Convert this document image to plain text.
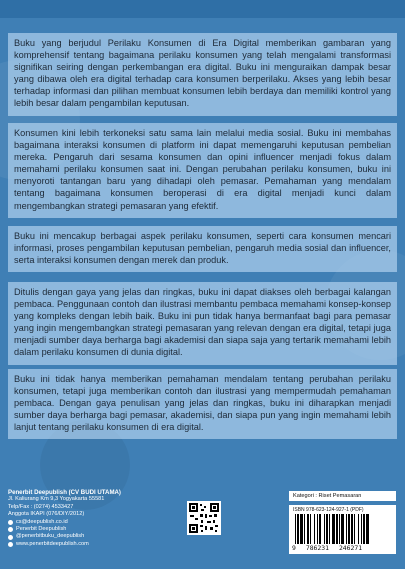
Buku yang berjudul Perilaku Konsumen di Era Digital memberikan gambaran yang komprehensif tentang bagaimana perilaku konsumen yang telah mengalami transformasi signifikan seiring dengan perkembangan era digital. Buku ini menguraikan dampak besar yang dibawa oleh era digital terhadap cara konsumen berperilaku. Akses yang lebih besar terhadap informasi dan pilihan membuat konsumen lebih berdaya dan memiliki kontrol yang lebih besar dalam pengambilan keputusan.

Konsumen kini lebih terkoneksi satu sama lain melalui media sosial. Buku ini membahas bagaimana interaksi konsumen di platform ini dapat memengaruhi keputusan pembelian mereka. Pengaruh dari sesama konsumen dan opini influencer menjadi fokus dalam memahami perilaku konsumen saat ini. Dengan perubahan perilaku konsumen, buku ini menyoroti tantangan baru yang dihadapi oleh pemasar. Pemahaman yang mendalam tentang bagaimana konsumen beroperasi di era digital menjadi kunci dalam mengembangkan strategi pemasaran yang efektif.

Buku ini mencakup berbagai aspek perilaku konsumen, seperti cara konsumen mencari informasi, proses pengambilan keputusan pembelian, pengaruh media sosial dan influencer, serta interaksi konsumen dengan merek dan produk.

Ditulis dengan gaya yang jelas dan ringkas, buku ini dapat diakses oleh berbagai kalangan pembaca. Penggunaan contoh dan ilustrasi membantu pembaca memahami konsep-konsep yang kompleks dengan lebih baik. Buku ini pun tidak hanya bermanfaat bagi para pemasar yang ingin mengembangkan strategi pemasaran yang relevan dengan era digital, tetapi juga menjadi sumber daya berharga bagi akademisi dan siapa saja yang tertarik memahami lebih dalam perilaku konsumen di dunia digital.

Buku ini tidak hanya memberikan pemahaman mendalam tentang perubahan perilaku konsumen, tetapi juga memberikan contoh dan ilustrasi yang mempermudah pemahaman pembaca. Dengan gaya penulisan yang jelas dan ringkas, buku ini diharapkan menjadi sumber daya berharga bagi pemasar, akademisi, dan siapa pun yang ingin memahami lebih lanjut tentang perilaku konsumen di era digital.

Penerbit Deepublish (CV BUDI UTAMA)
Jl. Kaliurang Km 9,3 Yogyakarta 55581
Telp/Fax : (0274) 4533427
Anggota IKAPI (076/DIY/2012)
cs@deepublish.co.id
Penerbit Deepublish
@penerbitbuku_deepublish
www.penerbitdeepublish.com
Kategori : Riset Pemasaran
ISBN 978-623-124-927-1 (PDF)
9 786231 246271
